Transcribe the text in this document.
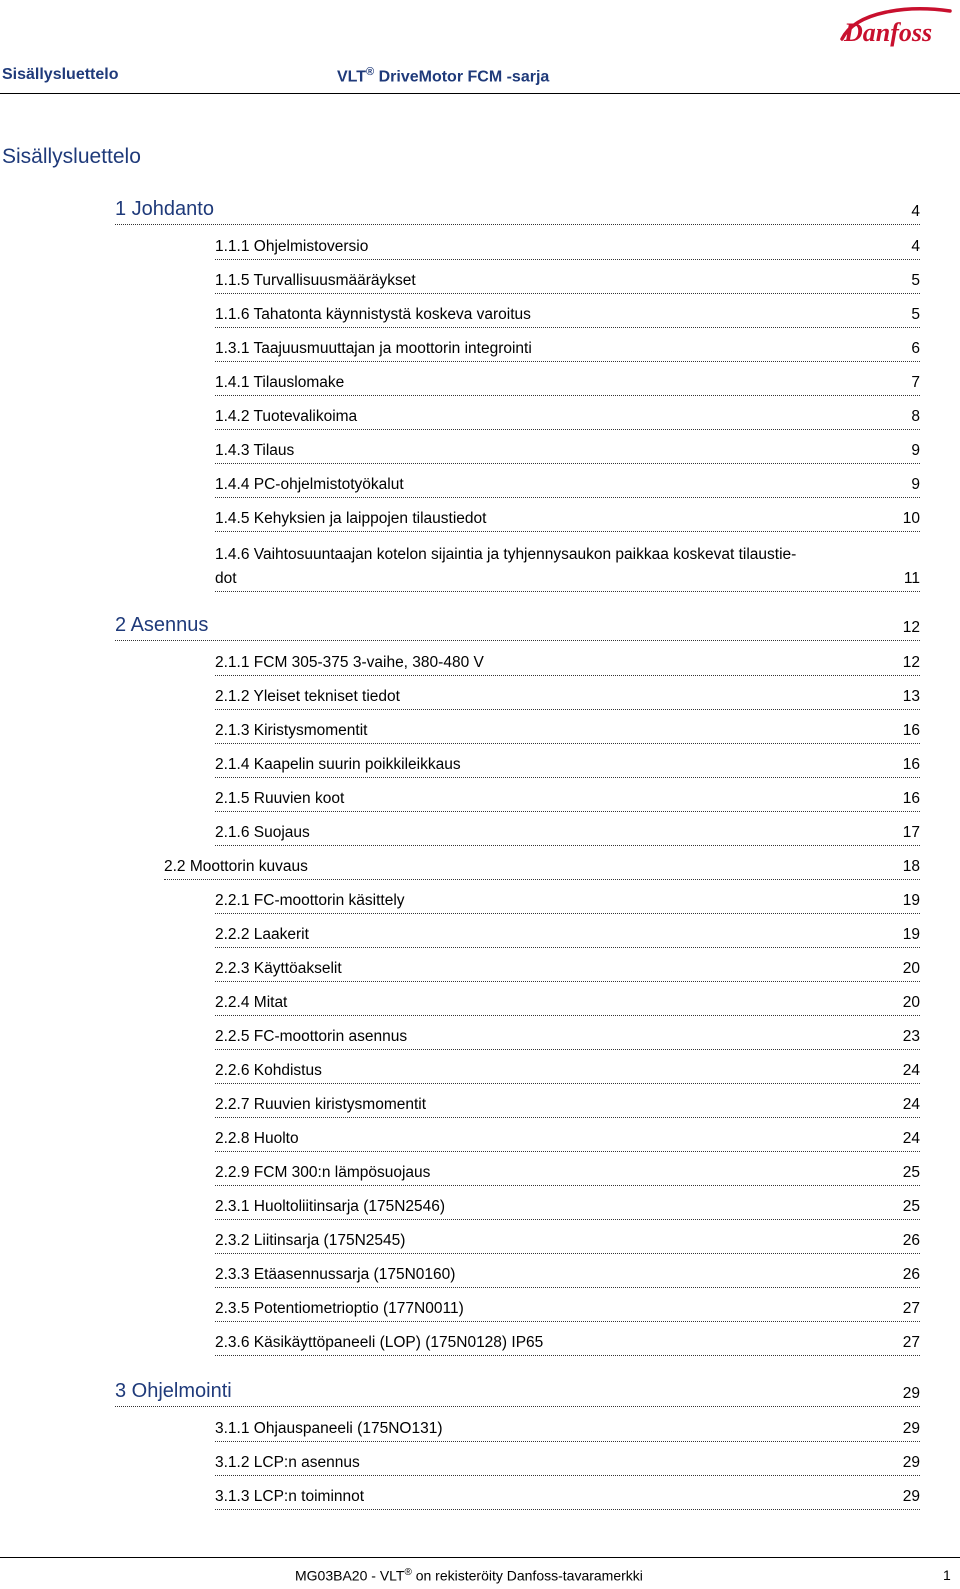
Danfoss
Sisällysluettelo	VLT® DriveMotor FCM -sarja
Sisällysluettelo
1 Johdanto	4
1.1.1 Ohjelmistoversio	4
1.1.5 Turvallisuusmääräykset	5
1.1.6 Tahatonta käynnistystä koskeva varoitus	5
1.3.1 Taajuusmuuttajan ja moottorin integrointi	6
1.4.1 Tilauslomake	7
1.4.2 Tuotevalikoima	8
1.4.3 Tilaus	9
1.4.4 PC-ohjelmistotyökalut	9
1.4.5 Kehyksien ja laippojen tilaustiedot	10
1.4.6 Vaihtosuuntaajan kotelon sijaintia ja tyhjennysaukon paikkaa koskevat tilaustie-
dot	11
2 Asennus	12
2.1.1 FCM 305-375 3-vaihe, 380-480 V	12
2.1.2 Yleiset tekniset tiedot	13
2.1.3 Kiristysmomentit	16
2.1.4 Kaapelin suurin poikkileikkaus	16
2.1.5 Ruuvien koot	16
2.1.6 Suojaus	17
2.2 Moottorin kuvaus	18
2.2.1 FC-moottorin käsittely	19
2.2.2 Laakerit	19
2.2.3 Käyttöakselit	20
2.2.4 Mitat	20
2.2.5 FC-moottorin asennus	23
2.2.6 Kohdistus	24
2.2.7 Ruuvien kiristysmomentit	24
2.2.8 Huolto	24
2.2.9 FCM 300:n lämpösuojaus	25
2.3.1 Huoltoliitinsarja (175N2546)	25
2.3.2 Liitinsarja (175N2545)	26
2.3.3 Etäasennussarja (175N0160)	26
2.3.5 Potentiometrioptio (177N0011)	27
2.3.6 Käsikäyttöpaneeli (LOP) (175N0128) IP65	27
3 Ohjelmointi	29
3.1.1 Ohjauspaneeli (175NO131)	29
3.1.2 LCP:n asennus	29
3.1.3 LCP:n toiminnot	29
MG03BA20 - VLT® on rekisteröity Danfoss-tavaramerkki	1
